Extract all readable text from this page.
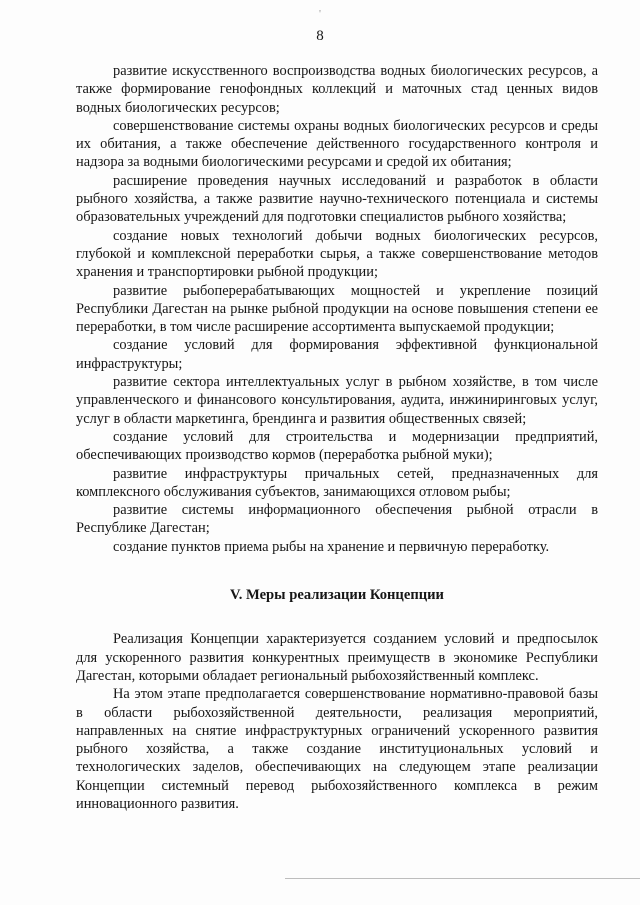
'
8

развитие искусственного воспроизводства водных биологических ресурсов, а также формирование генофондных коллекций и маточных стад ценных видов водных биологических ресурсов;

совершенствование системы охраны водных биологических ресурсов и среды их обитания, а также обеспечение действенного государственного контроля и надзора за водными биологическими ресурсами и средой их обитания;

расширение проведения научных исследований и разработок в области рыбного хозяйства, а также развитие научно-технического потенциала и системы образовательных учреждений для подготовки специалистов рыбного хозяйства;

создание новых технологий добычи водных биологических ресурсов, глубокой и комплексной переработки сырья, а также совершенствование методов хранения и транспортировки рыбной продукции;

развитие рыбоперерабатывающих мощностей и укрепление позиций Республики Дагестан на рынке рыбной продукции на основе повышения степени ее переработки, в том числе расширение ассортимента выпускаемой продукции;

создание условий для формирования эффективной функциональной инфраструктуры;

развитие сектора интеллектуальных услуг в рыбном хозяйстве, в том числе управленческого и финансового консультирования, аудита, инжиниринговых услуг, услуг в области маркетинга, брендинга и развития общественных связей;

создание условий для строительства и модернизации предприятий, обеспечивающих производство кормов (переработка рыбной муки);

развитие инфраструктуры причальных сетей, предназначенных для комплексного обслуживания субъектов, занимающихся отловом рыбы;

развитие системы информационного обеспечения рыбной отрасли в Республике Дагестан;

создание пунктов приема рыбы на хранение и первичную переработку.

V. Меры реализации Концепции

Реализация Концепции характеризуется созданием условий и предпосылок для ускоренного развития конкурентных преимуществ в экономике Республики Дагестан, которыми обладает региональный рыбохозяйственный комплекс.

На этом этапе предполагается совершенствование нормативно-правовой базы в области рыбохозяйственной деятельности, реализация мероприятий, направленных на снятие инфраструктурных ограничений ускоренного развития рыбного хозяйства, а также создание институциональных условий и технологических заделов, обеспечивающих на следующем этапе реализации Концепции системный перевод рыбохозяйственного комплекса в режим инновационного развития.
